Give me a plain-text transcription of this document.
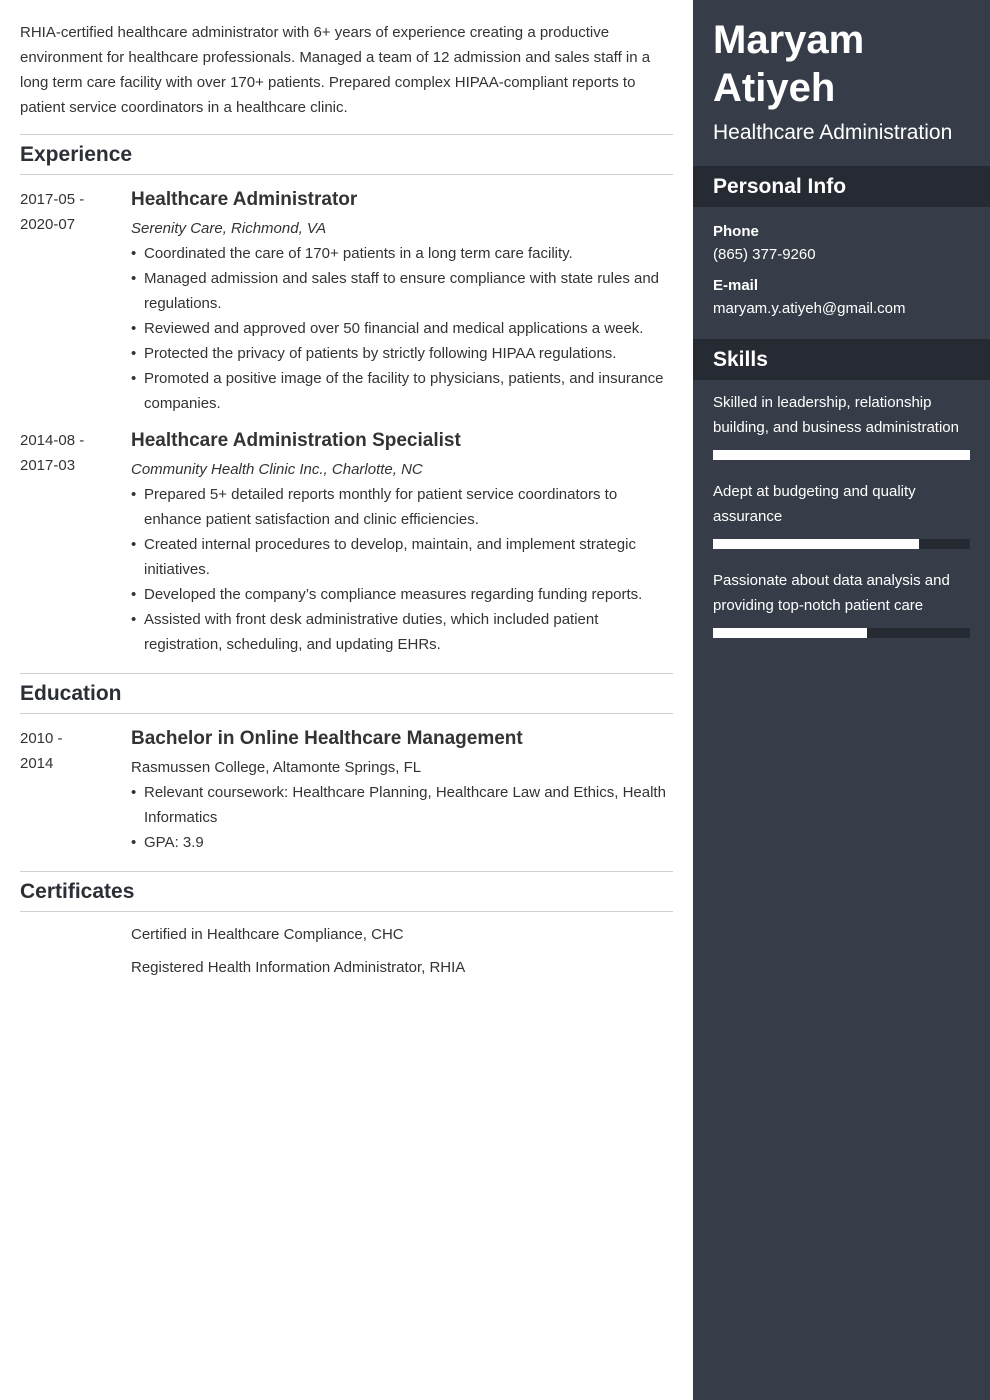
RHIA-certified healthcare administrator with 6+ years of experience creating a productive environment for healthcare professionals. Managed a team of 12 admission and sales staff in a long term care facility with over 170+ patients. Prepared complex HIPAA-compliant reports to patient service coordinators in a healthcare clinic.

Experience
2017-05 -
2020-07
Healthcare Administrator
Serenity Care, Richmond, VA
• Coordinated the care of 170+ patients in a long term care facility.
• Managed admission and sales staff to ensure compliance with state rules and regulations.
• Reviewed and approved over 50 financial and medical applications a week.
• Protected the privacy of patients by strictly following HIPAA regulations.
• Promoted a positive image of the facility to physicians, patients, and insurance companies.
2014-08 -
2017-03
Healthcare Administration Specialist
Community Health Clinic Inc., Charlotte, NC
• Prepared 5+ detailed reports monthly for patient service coordinators to enhance patient satisfaction and clinic efficiencies.
• Created internal procedures to develop, maintain, and implement strategic initiatives.
• Developed the company’s compliance measures regarding funding reports.
• Assisted with front desk administrative duties, which included patient registration, scheduling, and updating EHRs.
Education
2010 -
2014
Bachelor in Online Healthcare Management
Rasmussen College, Altamonte Springs, FL
• Relevant coursework: Healthcare Planning, Healthcare Law and Ethics, Health Informatics
• GPA: 3.9
Certificates
Certified in Healthcare Compliance, CHC
Registered Health Information Administrator, RHIA
Maryam Atiyeh
Healthcare Administration
Personal Info
Phone
(865) 377-9260
E-mail
maryam.y.atiyeh@gmail.com
Skills
Skilled in leadership, relationship building, and business administration
Adept at budgeting and quality assurance
Passionate about data analysis and providing top-notch patient care
